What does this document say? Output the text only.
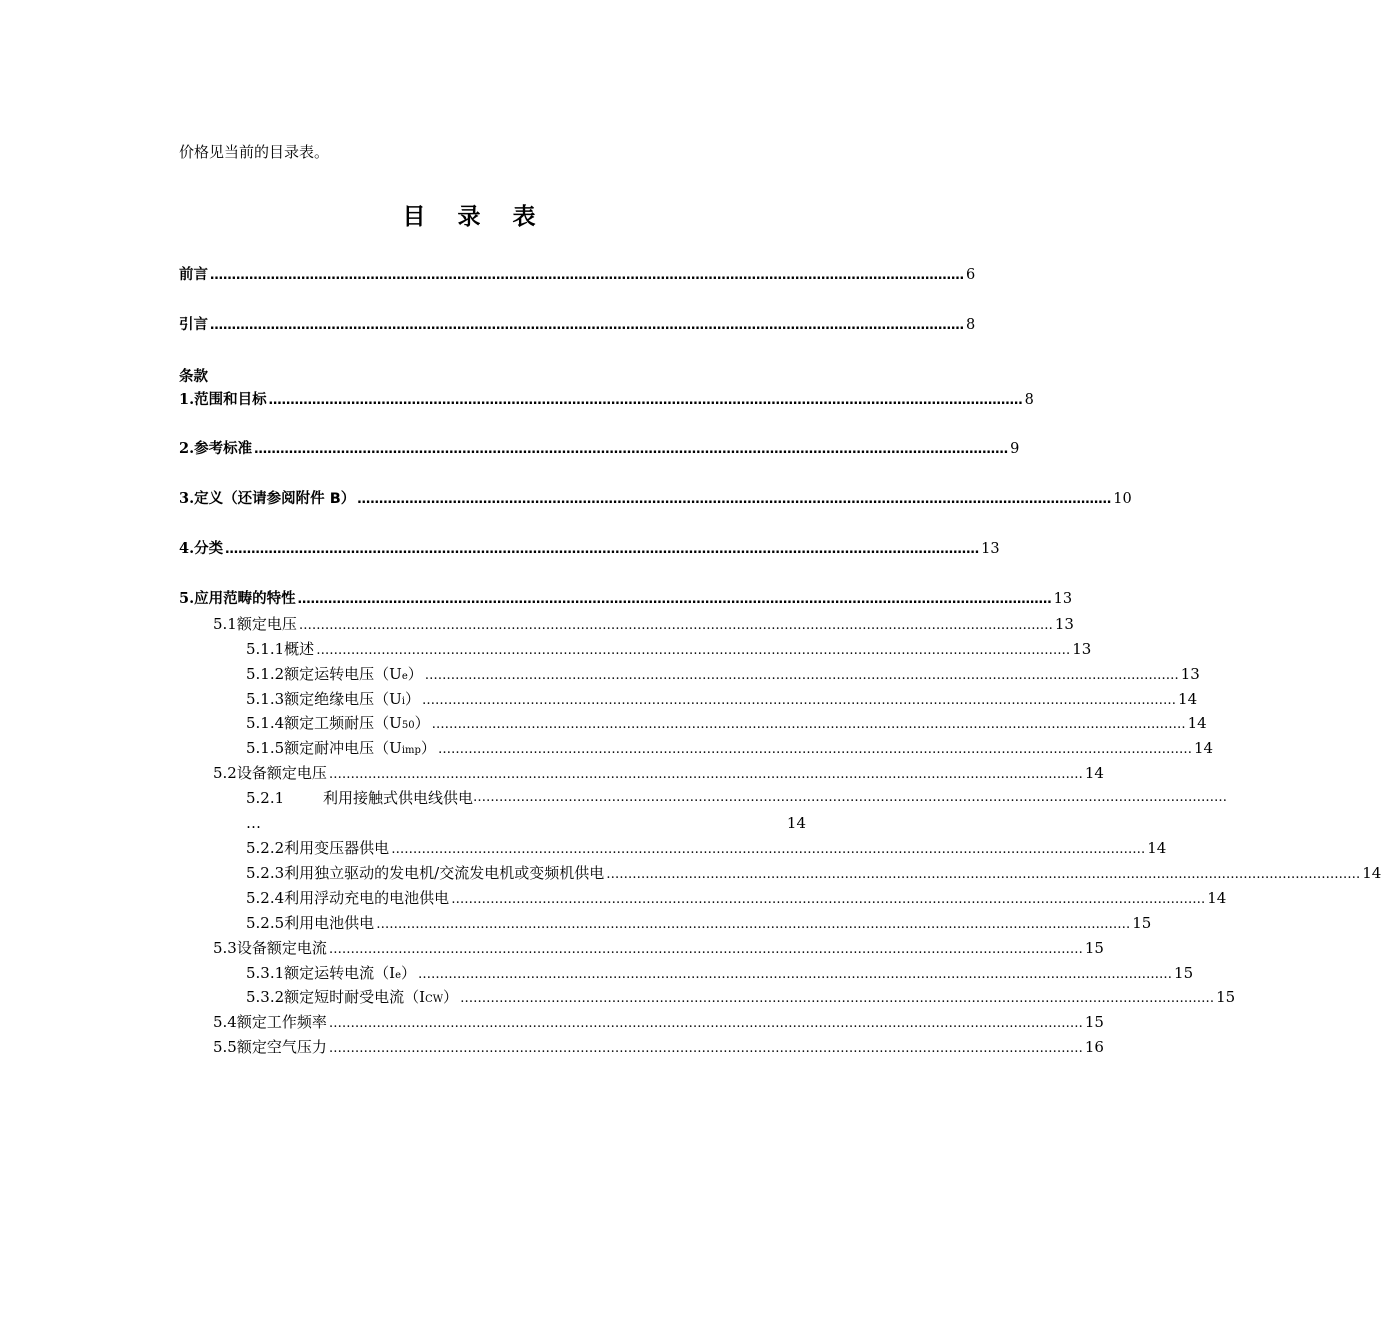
价格见当前的目录表。
目 录 表
前言 ………………………………………………………………………………………………………………………………………………………… 6
引言 ………………………………………………………………………………………………………………………………………………………… 8
条款
1. 范围和目标 ………………………………………………………………………………………………………………………………………………………… 8
2. 参考标准 ………………………………………………………………………………………………………………………………………………………… 9
3. 定义（还请参阅附件 B） ………………………………………………………………………………………………………………………………………………………… 10
4. 分类 ………………………………………………………………………………………………………………………………………………………… 13
5. 应用范畴的特性 ………………………………………………………………………………………………………………………………………………………… 13
5.1 额定电压 ………………………………………………………………………………………………………………………………………………………… 13
5.1.1 概述 ………………………………………………………………………………………………………………………………………………………… 13
5.1.2 额定运转电压（U e ） ………………………………………………………………………………………………………………………………………………………… 13
5.1.3 额定绝缘电压（U i ） ………………………………………………………………………………………………………………………………………………………… 14
5.1.4 额定工频耐压（U 50 ） ………………………………………………………………………………………………………………………………………………………… 14
5.1.5 额定耐冲电压（U imp ） ………………………………………………………………………………………………………………………………………………………… 14
5.2 设备额定电压 ………………………………………………………………………………………………………………………………………………………… 14
5.2.1	利用接触式供电线供电…………………………………………………………………………………………………………………………………………………………
…	14
5.2.2 利用变压器供电 ………………………………………………………………………………………………………………………………………………………… 14
5.2.3 利用独立驱动的发电机/交流发电机或变频机供电 ………………………………………………………………………………………………………………………………………………………… 14
5.2.4 利用浮动充电的电池供电 ………………………………………………………………………………………………………………………………………………………… 14
5.2.5 利用电池供电 ………………………………………………………………………………………………………………………………………………………… 15
5.3 设备额定电流 ………………………………………………………………………………………………………………………………………………………… 15
5.3.1 额定运转电流（I e ） ………………………………………………………………………………………………………………………………………………………… 15
5.3.2 额定短时耐受电流（I CW ） ………………………………………………………………………………………………………………………………………………………… 15
5.4 额定工作频率 ………………………………………………………………………………………………………………………………………………………… 15
5.5 额定空气压力 ………………………………………………………………………………………………………………………………………………………… 16
